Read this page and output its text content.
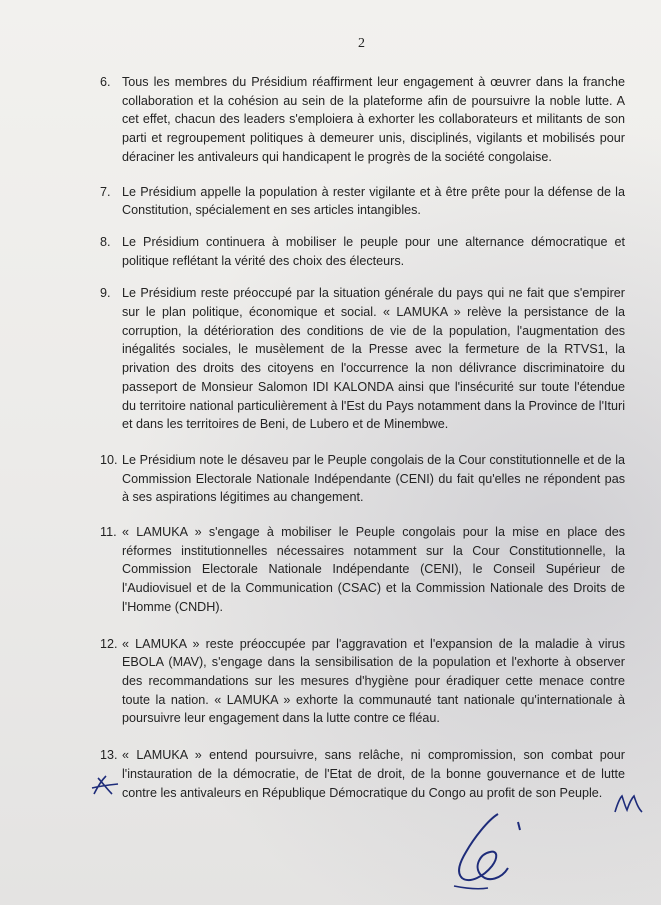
2
6. Tous les membres du Présidium réaffirment leur engagement à œuvrer dans la franche collaboration et la cohésion au sein de la plateforme afin de poursuivre la noble lutte. A cet effet, chacun des leaders s'emploiera à exhorter les collaborateurs et militants de son parti et regroupement politiques à demeurer unis, disciplinés, vigilants et mobilisés pour déraciner les antivaleurs qui handicapent le progrès de la société congolaise.
7. Le Présidium appelle la population à rester vigilante et à être prête pour la défense de la Constitution, spécialement en ses articles intangibles.
8. Le Présidium continuera à mobiliser le peuple pour une alternance démocratique et politique reflétant la vérité des choix des électeurs.
9. Le Présidium reste préoccupé par la situation générale du pays qui ne fait que s'empirer sur le plan politique, économique et social. « LAMUKA » relève la persistance de la corruption, la détérioration des conditions de vie de la population, l'augmentation des inégalités sociales, le musèlement de la Presse avec la fermeture de la RTVS1, la privation des droits des citoyens en l'occurrence la non délivrance discriminatoire du passeport de Monsieur Salomon IDI KALONDA ainsi que l'insécurité sur toute l'étendue du territoire national particulièrement à l'Est du Pays notamment dans la Province de l'Ituri et dans les territoires de Beni, de Lubero et de Minembwe.
10. Le Présidium note le désaveu par le Peuple congolais de la Cour constitutionnelle et de la Commission Electorale Nationale Indépendante (CENI) du fait qu'elles ne répondent pas à ses aspirations légitimes au changement.
11. « LAMUKA » s'engage à mobiliser le Peuple congolais pour la mise en place des réformes institutionnelles nécessaires notamment sur la Cour Constitutionnelle, la Commission Electorale Nationale Indépendante (CENI), le Conseil Supérieur de l'Audiovisuel et de la Communication (CSAC) et la Commission Nationale des Droits de l'Homme (CNDH).
12. « LAMUKA » reste préoccupée par l'aggravation et l'expansion de la maladie à virus EBOLA (MAV), s'engage dans la sensibilisation de la population et l'exhorte à observer des recommandations sur les mesures d'hygiène pour éradiquer cette menace contre toute la nation. « LAMUKA » exhorte la communauté tant nationale qu'internationale à poursuivre leur engagement dans la lutte contre ce fléau.
13. « LAMUKA » entend poursuivre, sans relâche, ni compromission, son combat pour l'instauration de la démocratie, de l'Etat de droit, de la bonne gouvernance et de lutte contre les antivaleurs en République Démocratique du Congo au profit de son Peuple.
